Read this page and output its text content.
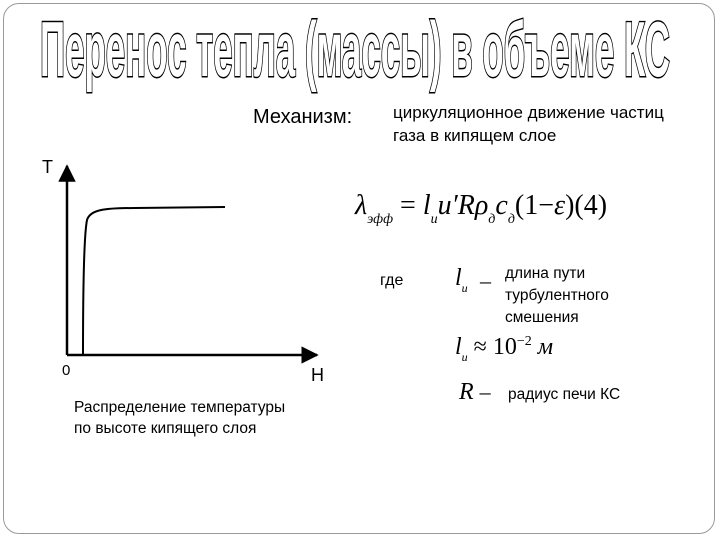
Перенос тепла (массы) в объеме КС
Механизм: циркуляционное движение частиц газа в кипящем слое
T
0	Н
Распределение температуры по высоте кипящего слоя
$\lambda_{эфф} = l_иu'R\rho_дc_д(1-\varepsilon)(4)$
где $l_и$ – длина пути турбулентного смешения
$l_и \approx 10^{-2}$ м
R – радиус печи КС
